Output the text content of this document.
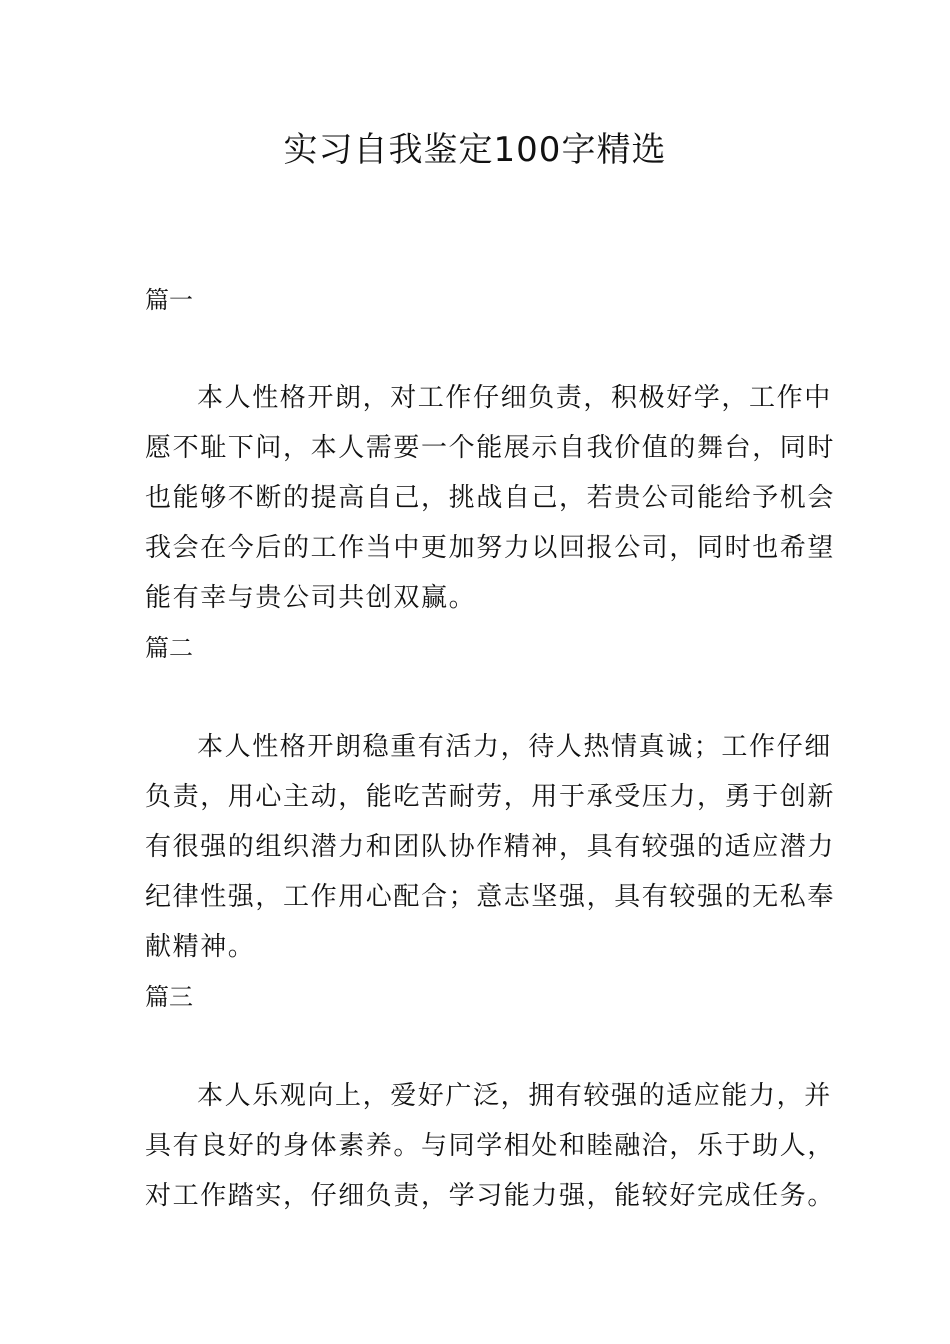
实习自我鉴定100字精选
篇一
本人性格开朗，对工作仔细负责，积极好学，工作中
愿不耻下问，本人需要一个能展示自我价值的舞台，同时
也能够不断的提高自己，挑战自己，若贵公司能给予机会
我会在今后的工作当中更加努力以回报公司，同时也希望
能有幸与贵公司共创双赢。
篇二
本人性格开朗稳重有活力，待人热情真诚；工作仔细
负责，用心主动，能吃苦耐劳，用于承受压力，勇于创新
有很强的组织潜力和团队协作精神，具有较强的适应潜力
纪律性强，工作用心配合；意志坚强，具有较强的无私奉
献精神。
篇三
本人乐观向上，爱好广泛，拥有较强的适应能力，并
具有良好的身体素养。与同学相处和睦融洽，乐于助人，
对工作踏实，仔细负责，学习能力强，能较好完成任务。
